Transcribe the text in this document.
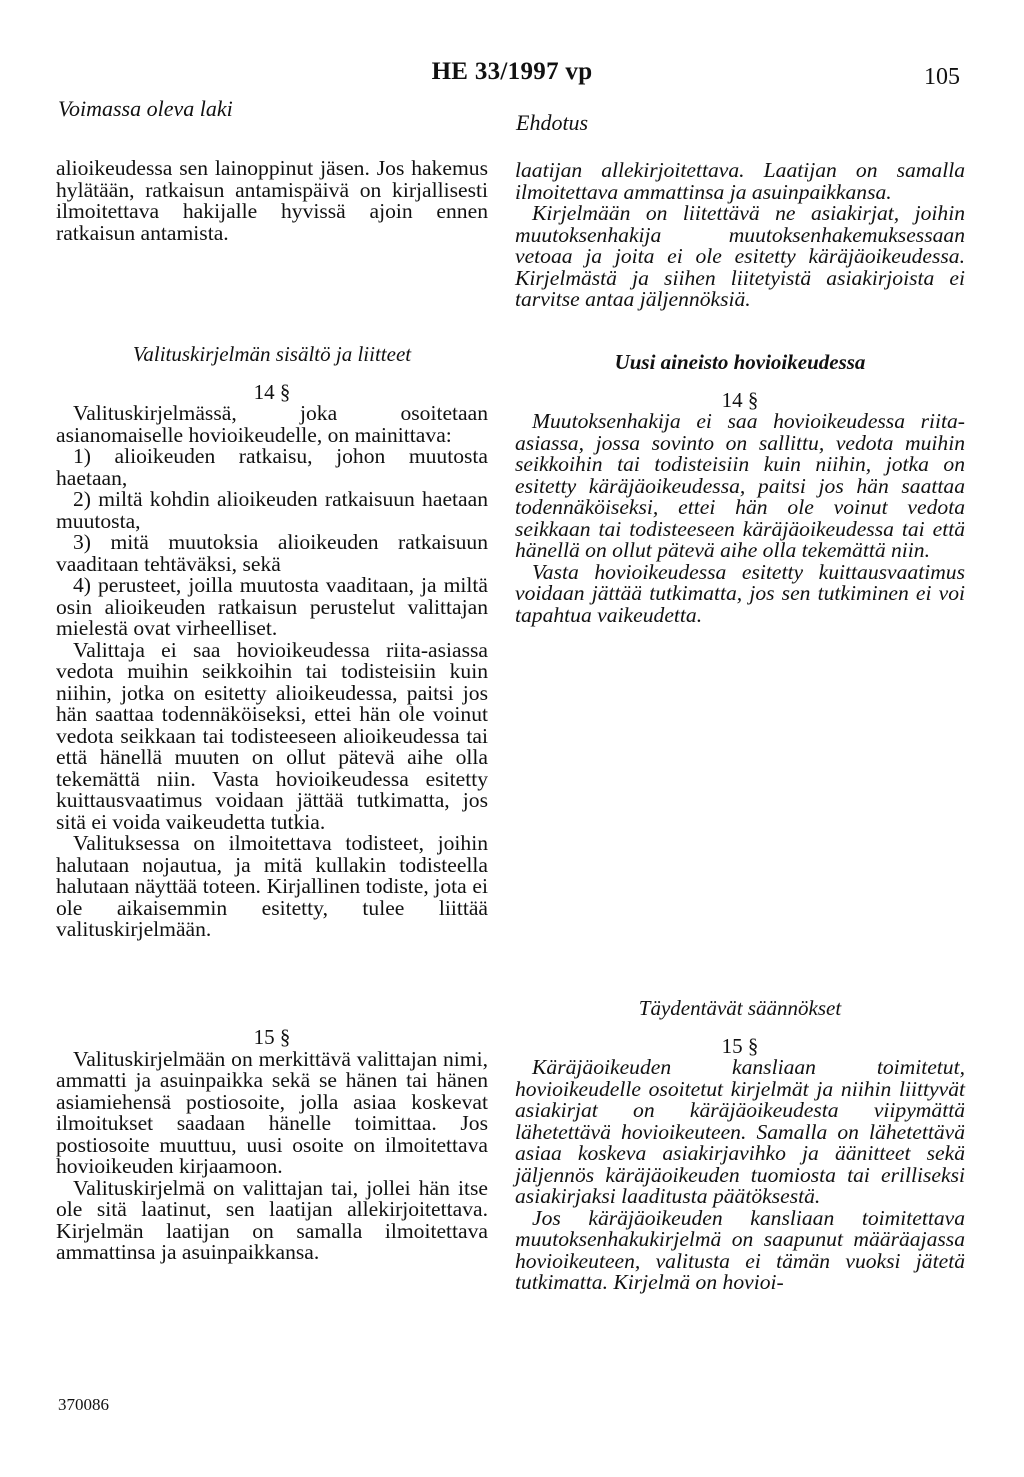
HE 33/1997 vp	105
Voimassa oleva laki
Ehdotus

alioikeudessa sen lainoppinut jäsen. Jos hakemus hylätään, ratkaisun antamispäivä on kirjallisesti ilmoitettava hakijalle hyvissä ajoin ennen ratkaisun antamista.

Valituskirjelmän sisältö ja liitteet
14 §

Valituskirjelmässä, joka osoitetaan asianomaiselle hovioikeudelle, on mainittava:

1) alioikeuden ratkaisu, johon muutosta haetaan,

2) miltä kohdin alioikeuden ratkaisuun haetaan muutosta,

3) mitä muutoksia alioikeuden ratkaisuun vaaditaan tehtäväksi, sekä

4) perusteet, joilla muutosta vaaditaan, ja miltä osin alioikeuden ratkaisun perustelut valittajan mielestä ovat virheelliset.

Valittaja ei saa hovioikeudessa riita-asiassa vedota muihin seikkoihin tai todisteisiin kuin niihin, jotka on esitetty alioikeudessa, paitsi jos hän saattaa todennäköiseksi, ettei hän ole voinut vedota seikkaan tai todisteeseen alioikeudessa tai että hänellä muuten on ollut pätevä aihe olla tekemättä niin. Vasta hovioikeudessa esitetty kuittausvaatimus voidaan jättää tutkimatta, jos sitä ei voida vaikeudetta tutkia.

Valituksessa on ilmoitettava todisteet, joihin halutaan nojautua, ja mitä kullakin todisteella halutaan näyttää toteen. Kirjallinen todiste, jota ei ole aikaisemmin esitetty, tulee liittää valituskirjelmään.

15 §

Valituskirjelmään on merkittävä valittajan nimi, ammatti ja asuinpaikka sekä se hänen tai hänen asiamiehensä postiosoite, jolla asiaa koskevat ilmoitukset saadaan hänelle toimittaa. Jos postiosoite muuttuu, uusi osoite on ilmoitettava hovioikeuden kirjaamoon.

Valituskirjelmä on valittajan tai, jollei hän itse ole sitä laatinut, sen laatijan allekirjoitettava. Kirjelmän laatijan on samalla ilmoitettava ammattinsa ja asuinpaikkansa.

laatijan allekirjoitettava. Laatijan on samalla ilmoitettava ammattinsa ja asuinpaikkansa.

Kirjelmään on liitettävä ne asiakirjat, joihin muutoksenhakija muutoksenhakemuksessaan vetoaa ja joita ei ole esitetty käräjäoikeudessa. Kirjelmästä ja siihen liitetyistä asiakirjoista ei tarvitse antaa jäljennöksiä.

Uusi aineisto hovioikeudessa
14 §

Muutoksenhakija ei saa hovioikeudessa riita-asiassa, jossa sovinto on sallittu, vedota muihin seikkoihin tai todisteisiin kuin niihin, jotka on esitetty käräjäoikeudessa, paitsi jos hän saattaa todennäköiseksi, ettei hän ole voinut vedota seikkaan tai todisteeseen käräjäoikeudessa tai että hänellä on ollut pätevä aihe olla tekemättä niin.

Vasta hovioikeudessa esitetty kuittausvaatimus voidaan jättää tutkimatta, jos sen tutkiminen ei voi tapahtua vaikeudetta.

Täydentävät säännökset
15 §

Käräjäoikeuden kansliaan toimitetut, hovioikeudelle osoitetut kirjelmät ja niihin liittyvät asiakirjat on käräjäoikeudesta viipymättä lähetettävä hovioikeuteen. Samalla on lähetettävä asiaa koskeva asiakirjavihko ja äänitteet sekä jäljennös käräjäoikeuden tuomiosta tai erilliseksi asiakirjaksi laaditusta päätöksestä.

Jos käräjäoikeuden kansliaan toimitettava muutoksenhakukirjelmä on saapunut määräajassa hovioikeuteen, valitusta ei tämän vuoksi jätetä tutkimatta. Kirjelmä on hovioi-

370086
